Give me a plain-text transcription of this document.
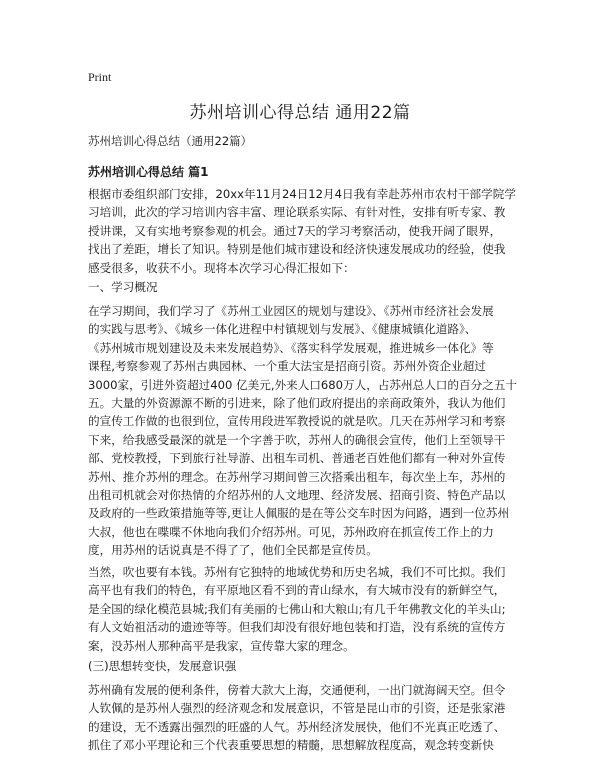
Print
苏州培训心得总结 通用22篇

苏州培训心得总结（通用22篇）

苏州培训心得总结 篇1

根据市委组织部门安排，20xx年11月24日12月4日我有幸赴苏州市农村干部学院学
习培训，此次的学习培训内容丰富、理论联系实际、有针对性，安排有听专家、教
授讲课，又有实地考察参观的机会。通过7天的学习考察活动，使我开阔了眼界，
找出了差距，增长了知识。特别是他们城市建设和经济快速发展成功的经验，使我
感受很多，收获不小。现将本次学习心得汇报如下：

一、学习概况

在学习期间，我们学习了《苏州工业园区的规划与建设》、《苏州市经济社会发展
的实践与思考》、《城乡一体化进程中村镇规划与发展》、《健康城镇化道路》、
《苏州城市规划建设及未来发展趋势》、《落实科学发展观，推进城乡一体化》等
课程,考察参观了苏州古典园林、一个重大法宝是招商引资。苏州外资企业超过
3000家，引进外资超过400 亿美元,外来人口680万人，占苏州总人口的百分之五十
五。大量的外资源源不断的引进来，除了他们政府提出的亲商政策外，我认为他们
的宣传工作做的也很到位，宣传用段进军教授说的就是吹。几天在苏州学习和考察
下来，给我感受最深的就是一个字善于吹，苏州人的确很会宣传，他们上至领导干
部、党校教授，下到旅行社导游、出租车司机、普通老百姓他们都有一种对外宣传
苏州、推介苏州的理念。在苏州学习期间曾三次搭乘出租车，每次坐上车，苏州的
出租司机就会对你热情的介绍苏州的人文地理、经济发展、招商引资、特色产品以
及政府的一些政策措施等等,更让人佩服的是在等公交车时因为问路，遇到一位苏州
大叔，他也在喋喋不休地向我们介绍苏州。可见，苏州政府在抓宣传工作上的力
度，用苏州的话说真是不得了了，他们全民都是宣传员。

当然，吹也要有本钱。苏州有它独特的地域优势和历史名城，我们不可比拟。我们
高平也有我们的特色，有平原地区看不到的青山绿水，有大城市没有的新鲜空气，
是全国的绿化模范县城;我们有美丽的七佛山和大粮山;有几千年佛教文化的羊头山;
有人文始祖活动的遗迹等等。但我们却没有很好地包装和打造，没有系统的宣传方
案，没苏州人那种高平是我家，宣传靠大家的理念。

(三)思想转变快，发展意识强

苏州确有发展的便利条件，傍着大款大上海，交通便利，一出门就海阔天空。但令
人钦佩的是苏州人强烈的经济观念和发展意识，不管是昆山市的引资，还是张家港
的建设，无不透露出强烈的旺盛的人气。苏州经济发展快，他们不光真正吃透了、
抓住了邓小平理论和三个代表重要思想的精髓，思想解放程度高，观念转变新快
